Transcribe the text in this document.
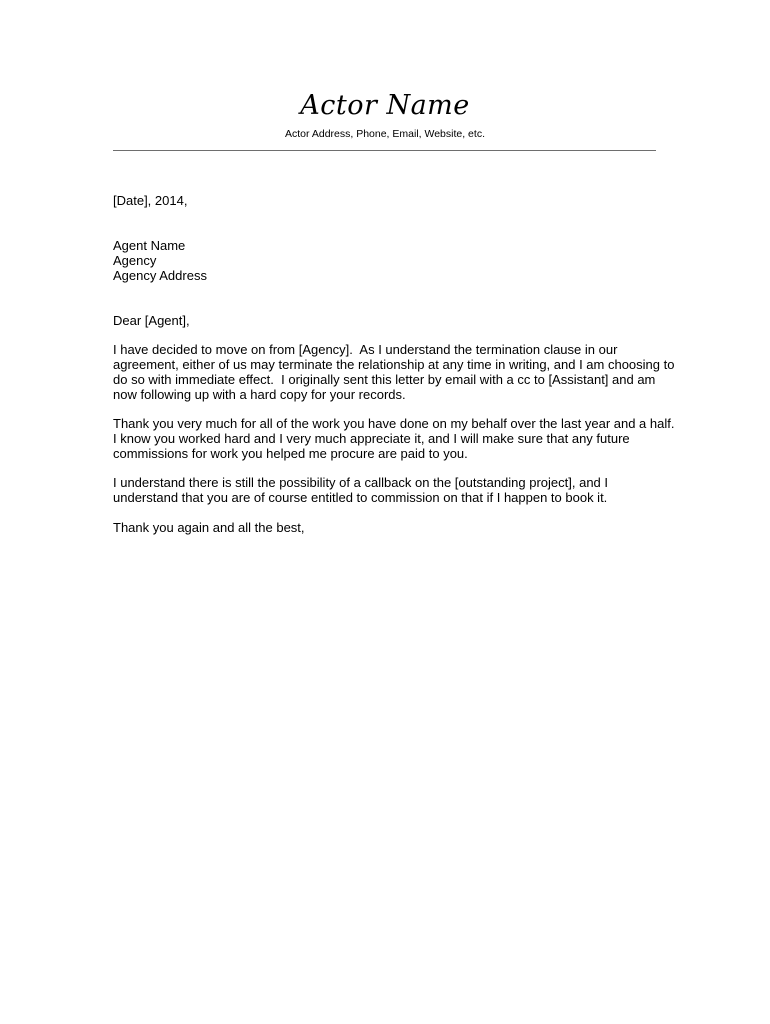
Actor Name
Actor Address, Phone, Email, Website, etc.
[Date], 2014,
Agent Name
Agency
Agency Address
Dear [Agent],
I have decided to move on from [Agency].  As I understand the termination clause in our
agreement, either of us may terminate the relationship at any time in writing, and I am choosing to
do so with immediate effect.  I originally sent this letter by email with a cc to [Assistant] and am
now following up with a hard copy for your records.
Thank you very much for all of the work you have done on my behalf over the last year and a half.
I know you worked hard and I very much appreciate it, and I will make sure that any future
commissions for work you helped me procure are paid to you.
I understand there is still the possibility of a callback on the [outstanding project], and I
understand that you are of course entitled to commission on that if I happen to book it.
Thank you again and all the best,
